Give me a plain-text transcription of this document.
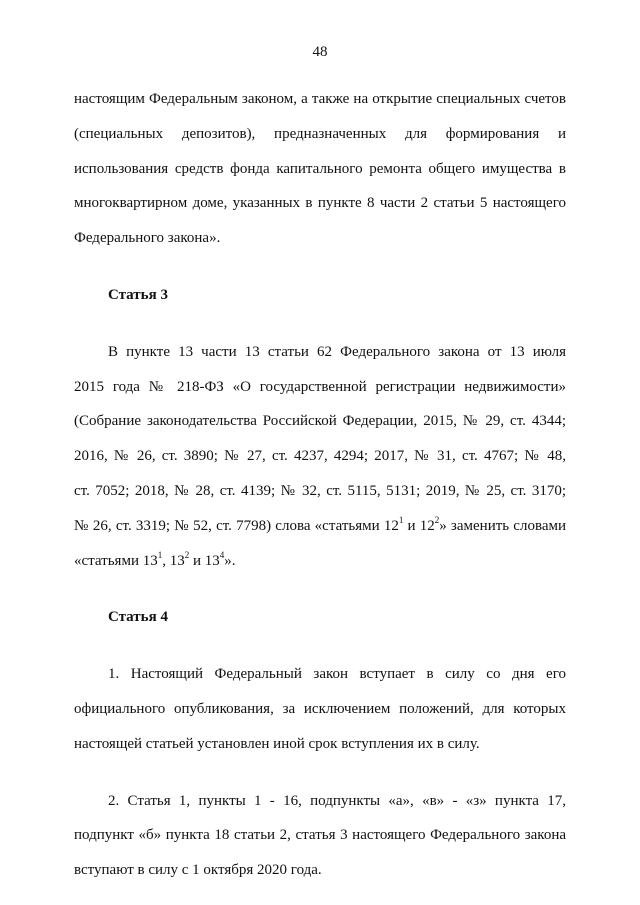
48
настоящим Федеральным законом, а также на открытие специальных счетов
(специальных депозитов), предназначенных для формирования и
использования средств фонда капитального ремонта общего имущества в
многоквартирном доме, указанных в пункте 8 части 2 статьи 5 настоящего
Федерального закона».
Статья 3
В пункте 13 части 13 статьи 62 Федерального закона от 13 июля
2015 года № 218-ФЗ «О государственной регистрации недвижимости»
(Собрание законодательства Российской Федерации, 2015, № 29, ст. 4344;
2016, № 26, ст. 3890; № 27, ст. 4237, 4294; 2017, № 31, ст. 4767; № 48,
ст. 7052; 2018, № 28, ст. 4139; № 32, ст. 5115, 5131; 2019, № 25, ст. 3170;
№ 26, ст. 3319; № 52, ст. 7798) слова «статьями $12^1$ и $12^2$» заменить словами
«статьями $13^1$, $13^2$ и $13^4$».
Статья 4
1. Настоящий Федеральный закон вступает в силу со дня его
официального опубликования, за исключением положений, для которых
настоящей статьей установлен иной срок вступления их в силу.
2. Статья 1, пункты 1 - 16, подпункты «а», «в» - «з» пункта 17,
подпункт «б» пункта 18 статьи 2, статья 3 настоящего Федерального закона
вступают в силу с 1 октября 2020 года.
